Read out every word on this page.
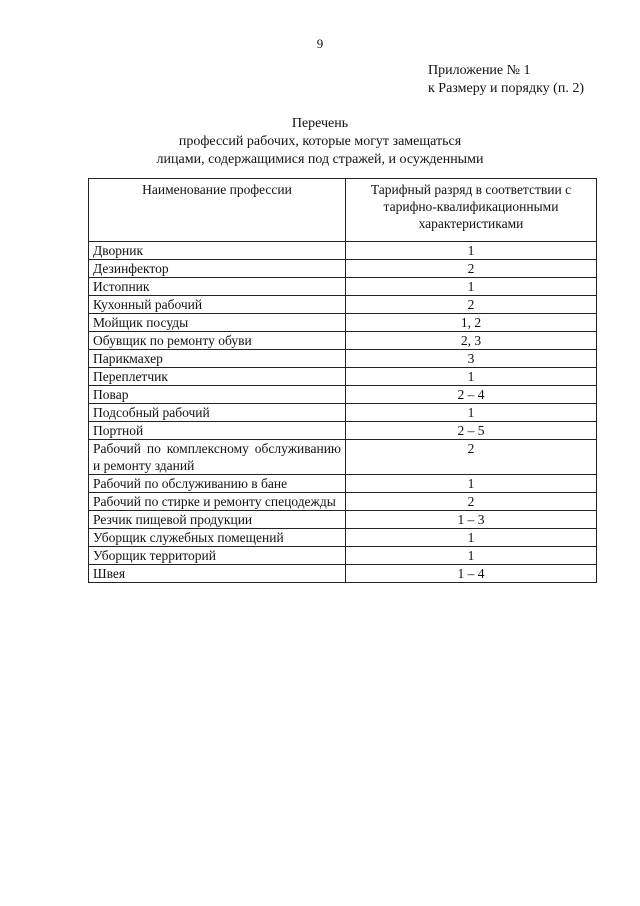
9
Приложение № 1
к Размеру и порядку (п. 2)
Перечень
профессий рабочих, которые могут замещаться
лицами, содержащимися под стражей, и осужденными
Наименование профессии	Тарифный разряд в соответствии с тарифно-квалификационными характеристиками
Дворник	1
Дезинфектор	2
Истопник	1
Кухонный рабочий	2
Мойщик посуды	1, 2
Обувщик по ремонту обуви	2, 3
Парикмахер	3
Переплетчик	1
Повар	2 – 4
Подсобный рабочий	1
Портной	2 – 5
Рабочий по комплексному обслуживанию и ремонту зданий	2
Рабочий по обслуживанию в бане	1
Рабочий по стирке и ремонту спецодежды	2
Резчик пищевой продукции	1 – 3
Уборщик служебных помещений	1
Уборщик территорий	1
Швея	1 – 4
